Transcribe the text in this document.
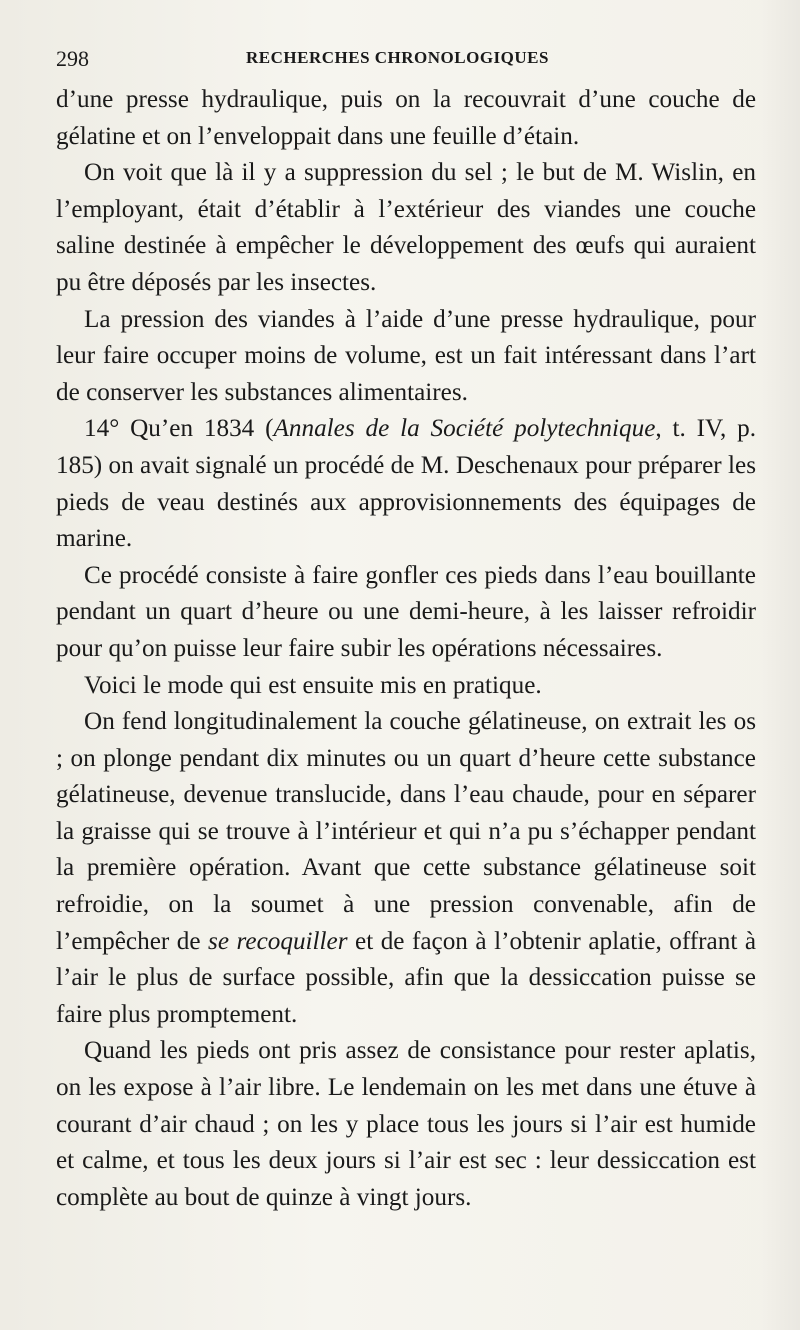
298	RECHERCHES CHRONOLOGIQUES

d’une presse hydraulique, puis on la recouvrait d’une couche de gélatine et on l’enveloppait dans une feuille d’étain.

On voit que là il y a suppression du sel ; le but de M. Wislin, en l’employant, était d’établir à l’extérieur des viandes une couche saline destinée à empêcher le développement des œufs qui auraient pu être déposés par les insectes.

La pression des viandes à l’aide d’une presse hydraulique, pour leur faire occuper moins de volume, est un fait intéressant dans l’art de conserver les substances alimentaires.

14° Qu’en 1834 (Annales de la Société polytechnique, t. IV, p. 185) on avait signalé un procédé de M. Deschenaux pour préparer les pieds de veau destinés aux approvisionnements des équipages de marine.

Ce procédé consiste à faire gonfler ces pieds dans l’eau bouillante pendant un quart d’heure ou une demi-heure, à les laisser refroidir pour qu’on puisse leur faire subir les opérations nécessaires.

Voici le mode qui est ensuite mis en pratique.

On fend longitudinalement la couche gélatineuse, on extrait les os ; on plonge pendant dix minutes ou un quart d’heure cette substance gélatineuse, devenue translucide, dans l’eau chaude, pour en séparer la graisse qui se trouve à l’intérieur et qui n’a pu s’échapper pendant la première opération. Avant que cette substance gélatineuse soit refroidie, on la soumet à une pression convenable, afin de l’empêcher de se recoquiller et de façon à l’obtenir aplatie, offrant à l’air le plus de surface possible, afin que la dessiccation puisse se faire plus promptement.

Quand les pieds ont pris assez de consistance pour rester aplatis, on les expose à l’air libre. Le lendemain on les met dans une étuve à courant d’air chaud ; on les y place tous les jours si l’air est humide et calme, et tous les deux jours si l’air est sec : leur dessiccation est complète au bout de quinze à vingt jours.
